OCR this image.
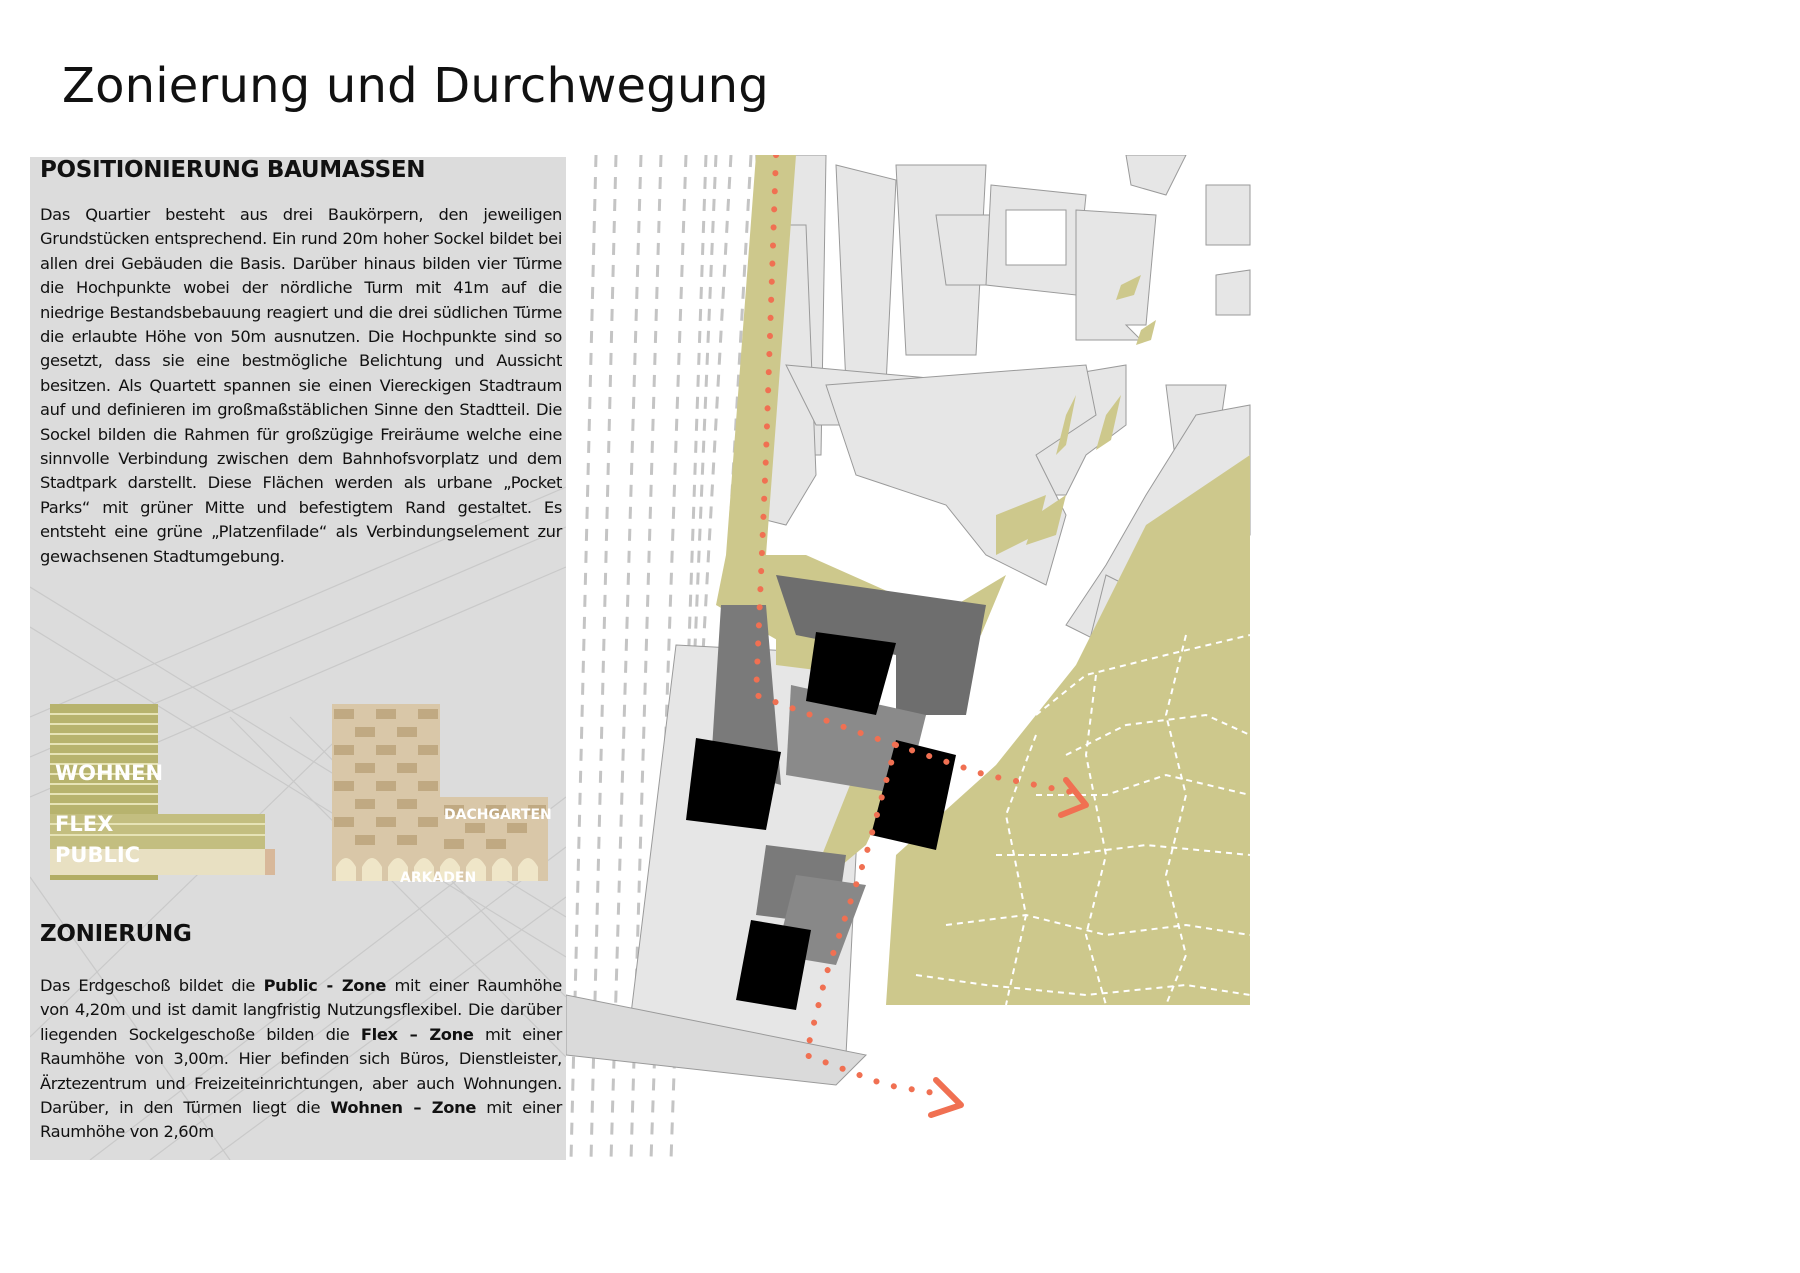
Zonierung und Durchwegung
POSITIONIERUNG BAUMASSEN

Das Quartier besteht aus drei Baukörpern, den jeweiligen Grundstücken entsprechend. Ein rund 20m hoher Sockel bildet bei allen drei Gebäuden die Basis. Darüber hinaus bilden vier Türme die Hochpunkte wobei der nördliche Turm mit 41m auf die niedrige Bestandsbebauung reagiert und die drei südlichen Türme die erlaubte Höhe von 50m ausnutzen. Die Hochpunkte sind so gesetzt, dass sie eine bestmögliche Belichtung und Aussicht besitzen. Als Quartett spannen sie einen Viereckigen Stadtraum auf und definieren im großmaßstäblichen Sinne den Stadtteil. Die Sockel bilden die Rahmen für großzügige Freiräume welche eine sinnvolle Verbindung zwischen dem Bahnhofsvorplatz und dem Stadtpark darstellt. Diese Flächen werden als urbane „Pocket Parks“ mit grüner Mitte und befestigtem Rand gestaltet. Es entsteht eine grüne „Platzenfilade“ als Verbindungselement zur gewachsenen Stadtumgebung.

WOHNEN

FLEX

PUBLIC

DACHGARTEN

ARKADEN

ZONIERUNG

Das Erdgeschoß bildet die Public - Zone mit einer Raumhöhe von 4,20m und ist damit langfristig Nutzungsflexibel. Die darüber liegenden Sockelgeschoße bilden die Flex – Zone mit einer Raumhöhe von 3,00m. Hier befinden sich Büros, Dienstleister, Ärztezentrum und Freizeiteinrichtungen, aber auch Wohnungen. Darüber, in den Türmen liegt die Wohnen – Zone mit einer Raumhöhe von 2,60m
